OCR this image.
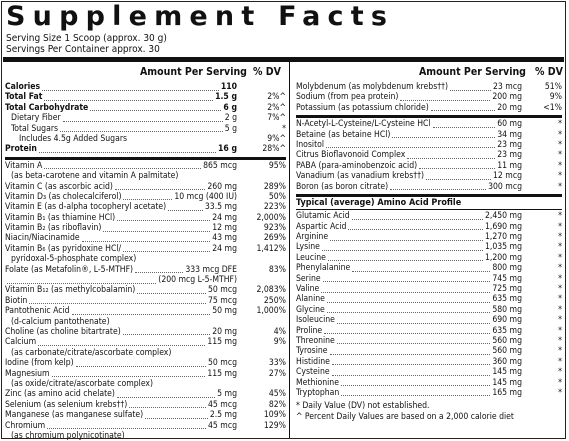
Supplement Facts
Serving Size 1 Scoop (approx. 30 g)
Servings Per Container approx. 30
Amount Per Serving % DV	Amount Per Serving % DV
Calories	110
Total Fat	1.5 g	2%^
Total Carbohydrate	6 g	2%^
Dietary Fiber	2 g	7%^
Total Sugars	5 g	*
Includes 4.5g Added Sugars	9%^
Protein	16 g	28%^
Vitamin A	865 mcg	95%
(as beta-carotene and vitamin A palmitate)
Vitamin C (as ascorbic acid)	260 mg	289%
Vitamin D₃ (as cholecalciferol)	10 mcg (400 IU)	50%
Vitamin E (as d-alpha tocopheryl acetate)	33.5 mg	223%
Vitamin B₁ (as thiamine HCl)	24 mg 2,000%
Vitamin B₂ (as riboflavin)	12 mg	923%
Niacin/Niacinamide	43 mg	269%
Vitamin B₆ (as pyridoxine HCl/	24 mg 1,412%
pyridoxal-5-phosphate complex)
Folate (as Metafolin®, L-5-MTHF)	333 mcg DFE	83%
(200 mcg L-5-MTHF)
Vitamin B₁₂ (as methylcobalamin)	50 mcg 2,083%
Biotin	75 mcg	250%
Pantothenic Acid	50 mg 1,000%
(d-calcium pantothenate)
Choline (as choline bitartrate)	20 mg	4%
Calcium	115 mg	9%
(as carbonate/citrate/ascorbate complex)
Iodine (from kelp)	50 mcg	33%
Magnesium	115 mg	27%
(as oxide/citrate/ascorbate complex)
Zinc (as amino acid chelate)	5 mg	45%
Selenium (as selenium krebs††)	45 mcg	82%
Manganese (as manganese sulfate)	2.5 mg	109%
Chromium	45 mcg	129%
(as chromium polynicotinate)
Molybdenum (as molybdenum krebs††)	23 mcg	51%
Sodium (from pea protein)	200 mg	9%
Potassium (as potassium chloride)	20 mg <1%
N-Acetyl-L-Cysteine/L-Cysteine HCl	60 mg	*
Betaine (as betaine HCl)	34 mg	*
Inositol	23 mg	*
Citrus Bioflavonoid Complex	23 mg	*
PABA (para-aminobenzoic acid)	11 mg	*
Vanadium (as vanadium krebs††)	12 mcg	*
Boron (as boron citrate)	300 mcg	*
Typical (average) Amino Acid Profile
Glutamic Acid	2,450 mg	*
Aspartic Acid	1,690 mg	*
Arginine	1,270 mg	*
Lysine	1,035 mg	*
Leucine	1,200 mg	*
Phenylalanine	800 mg	*
Serine	745 mg	*
Valine	725 mg	*
Alanine	635 mg	*
Glycine	580 mg	*
Isoleucine	690 mg	*
Proline	635 mg	*
Threonine	560 mg	*
Tyrosine	560 mg	*
Histidine	360 mg	*
Cysteine	145 mg	*
Methionine	145 mg	*
Tryptophan	165 mg	*
* Daily Value (DV) not established.
^ Percent Daily Values are based on a 2,000 calorie diet
